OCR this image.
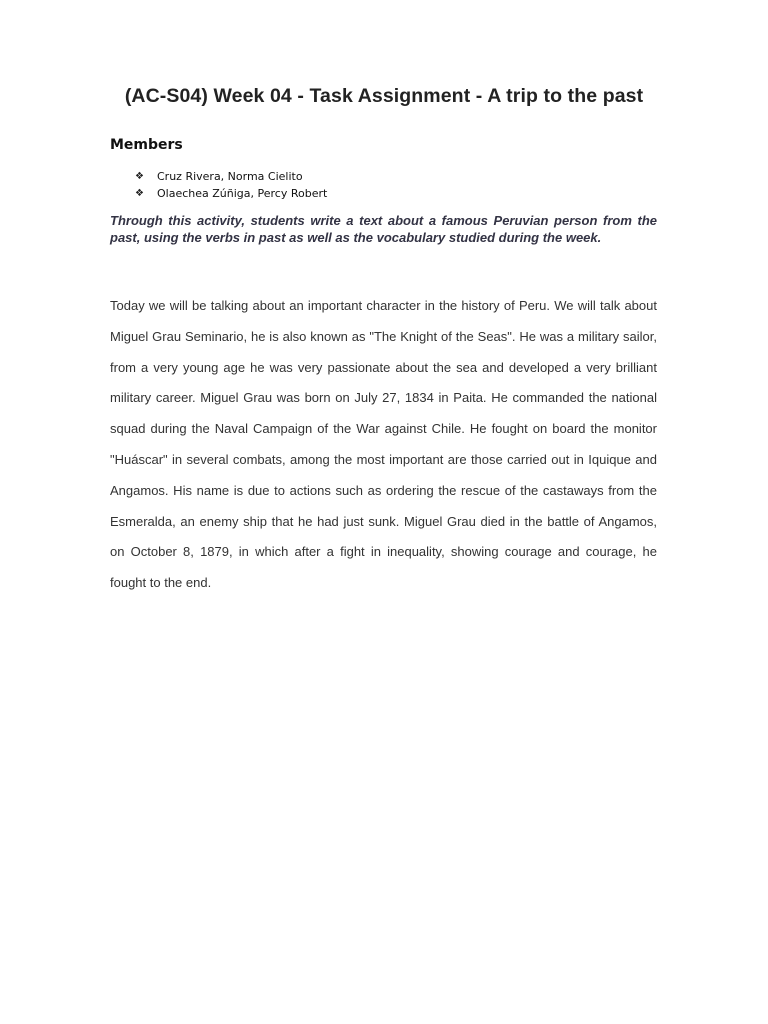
(AC-S04) Week 04 - Task Assignment - A trip to the past
Members
❖ Cruz Rivera, Norma Cielito
❖ Olaechea Zúñiga, Percy Robert

Through this activity, students write a text about a famous Peruvian person from the past, using the verbs in past as well as the vocabulary studied during the week.

Today we will be talking about an important character in the history of Peru. We will talk about Miguel Grau Seminario, he is also known as "The Knight of the Seas". He was a military sailor, from a very young age he was very passionate about the sea and developed a very brilliant military career. Miguel Grau was born on July 27, 1834 in Paita. He commanded the national squad during the Naval Campaign of the War against Chile. He fought on board the monitor "Huáscar" in several combats, among the most important are those carried out in Iquique and Angamos. His name is due to actions such as ordering the rescue of the castaways from the Esmeralda, an enemy ship that he had just sunk. Miguel Grau died in the battle of Angamos, on October 8, 1879, in which after a fight in inequality, showing courage and courage, he fought to the end.
